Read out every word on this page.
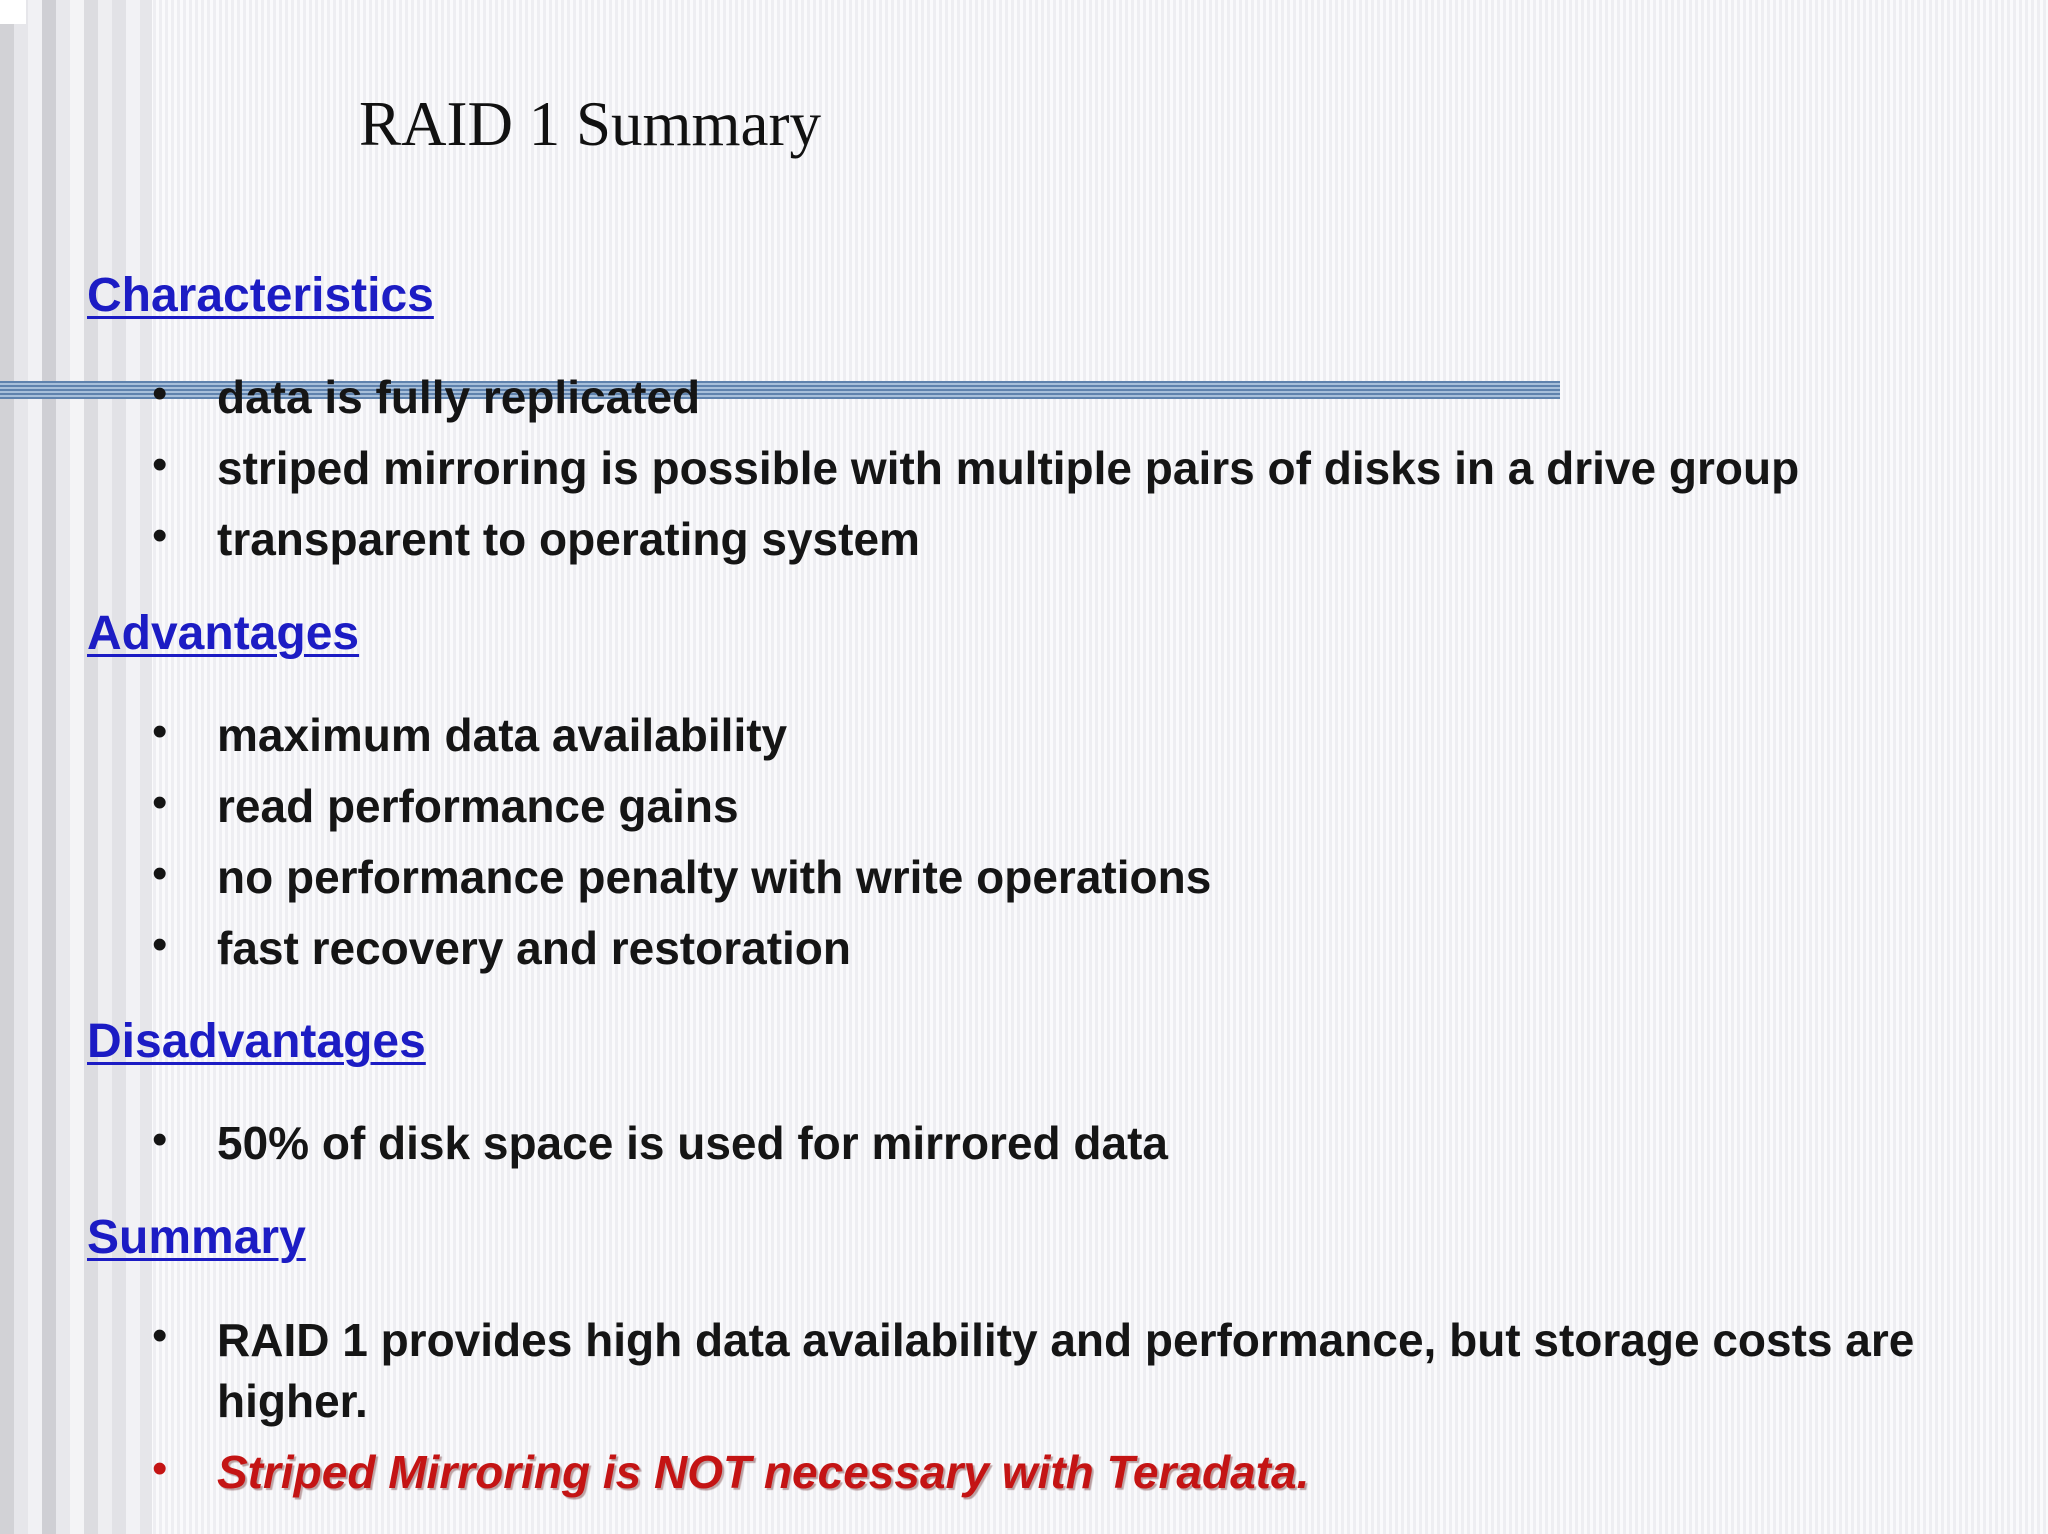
RAID 1 Summary
Characteristics
• data is fully replicated

• striped mirroring is possible with multiple pairs of disks in a drive group

• transparent to operating system

Advantages
• maximum data availability

• read performance gains

• no performance penalty with write operations

• fast recovery and restoration

Disadvantages
• 50% of disk space is used for mirrored data

Summary
• RAID 1 provides high data availability and performance, but storage costs are higher.

• Striped Mirroring is NOT necessary with Teradata.
